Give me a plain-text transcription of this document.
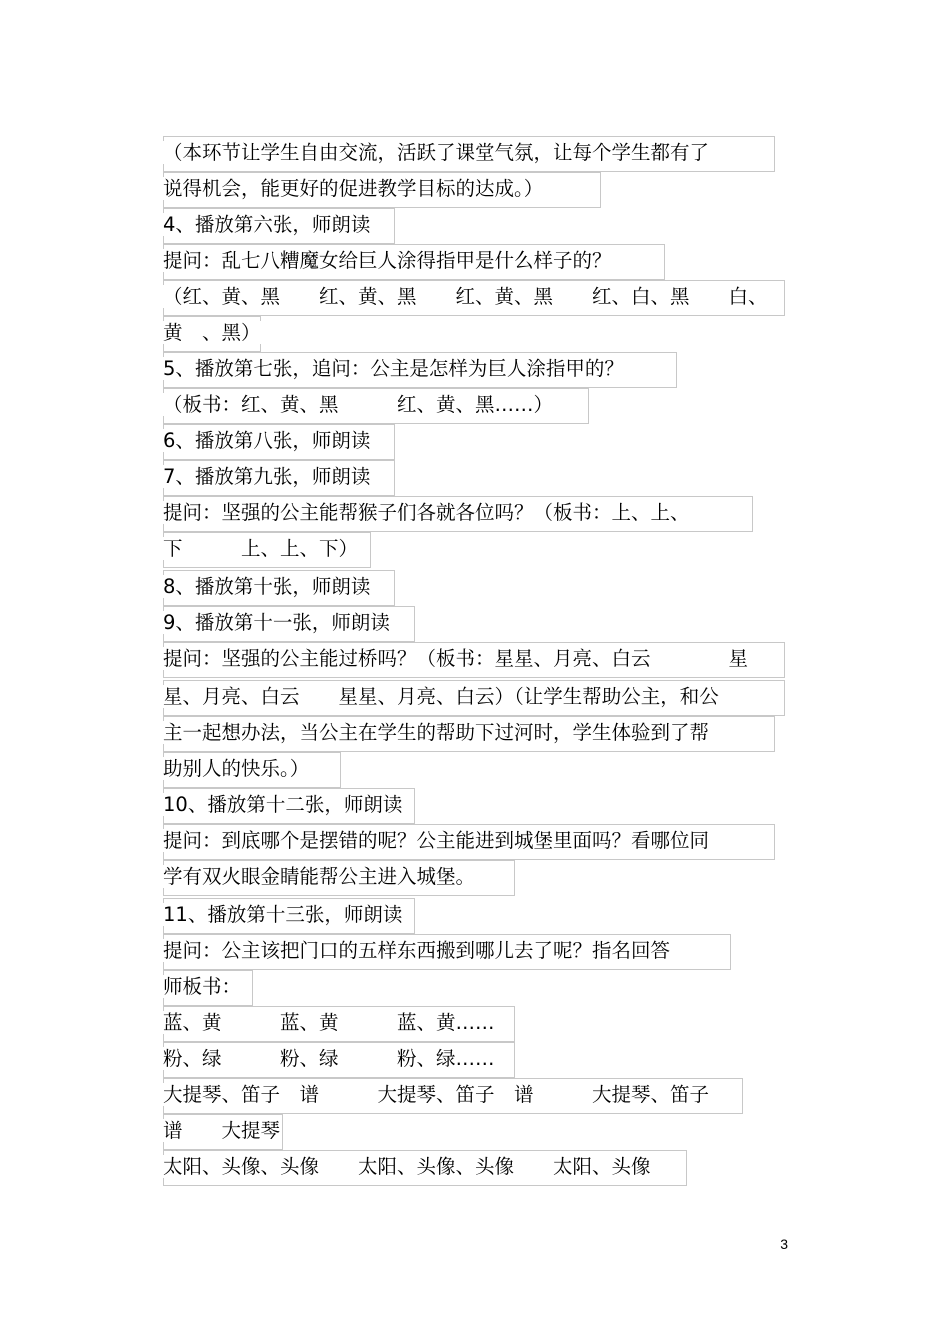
（本环节让学生自由交流，活跃了课堂气氛，让每个学生都有了
说得机会，能更好的促进教学目标的达成。）
4、播放第六张，师朗读
提问：乱七八糟魔女给巨人涂得指甲是什么样子的？
（红、黄、黑　　红、黄、黑　　红、黄、黑　　红、白、黑　　白、
黄　、黑）
5、播放第七张，追问：公主是怎样为巨人涂指甲的？
（板书：红、黄、黑　　　红、黄、黑……）
6、播放第八张，师朗读
7、播放第九张，师朗读
提问：坚强的公主能帮猴子们各就各位吗？（板书：上、上、
下　　　上、上、下）
8、播放第十张，师朗读
9、播放第十一张，师朗读
提问：坚强的公主能过桥吗？（板书：星星、月亮、白云　　　　星
星、月亮、白云　　星星、月亮、白云）（让学生帮助公主，和公
主一起想办法，当公主在学生的帮助下过河时，学生体验到了帮
助别人的快乐。）
10、播放第十二张，师朗读
提问：到底哪个是摆错的呢？公主能进到城堡里面吗？看哪位同
学有双火眼金睛能帮公主进入城堡。
11、播放第十三张，师朗读
提问：公主该把门口的五样东西搬到哪儿去了呢？指名回答
师板书：
蓝、黄　　　蓝、黄　　　蓝、黄……
粉、绿　　　粉、绿　　　粉、绿……
大提琴、笛子　谱　　　大提琴、笛子　谱　　　大提琴、笛子
谱　　大提琴
太阳、头像、头像　　太阳、头像、头像　　太阳、头像
3
